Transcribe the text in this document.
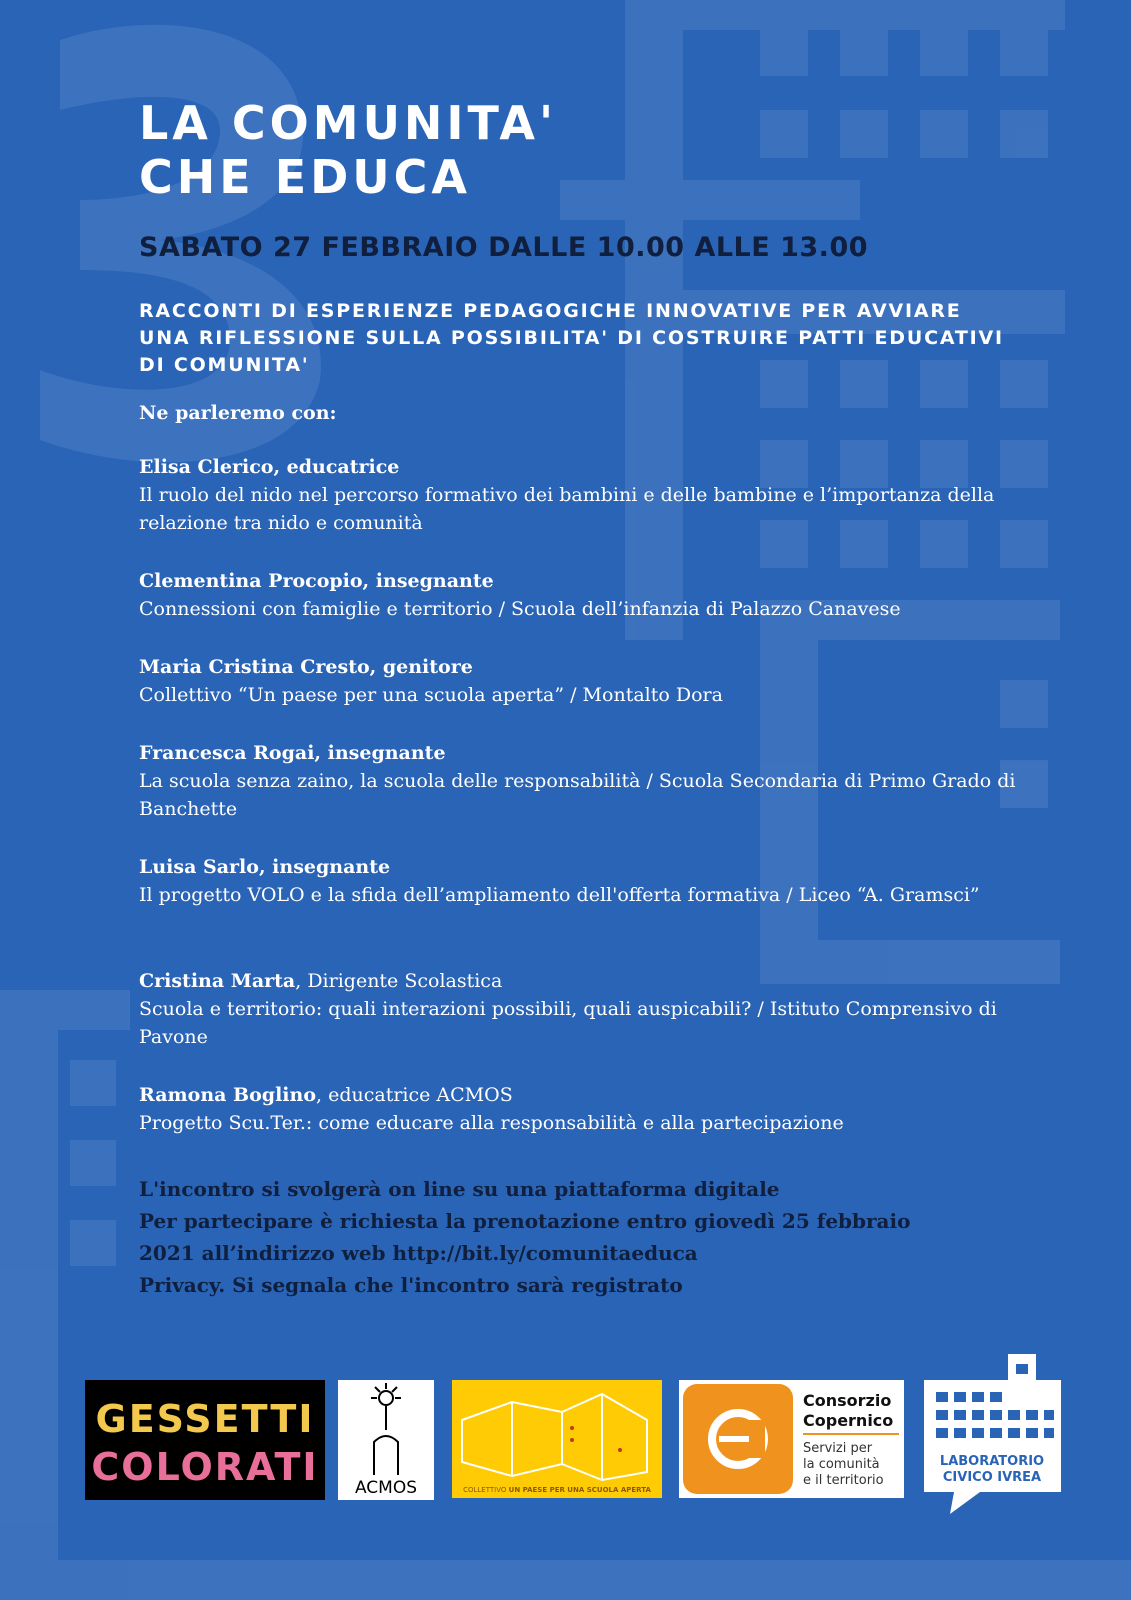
LA COMUNITA'
CHE EDUCA
SABATO 27 FEBBRAIO DALLE 10.00 ALLE 13.00
RACCONTI DI ESPERIENZE PEDAGOGICHE INNOVATIVE PER AVVIARE
UNA RIFLESSIONE SULLA POSSIBILITA' DI COSTRUIRE PATTI EDUCATIVI
DI COMUNITA'
Ne parleremo con:
Elisa Clerico, educatrice
Il ruolo del nido nel percorso formativo dei bambini e delle bambine e l’importanza della relazione tra nido e comunità
Clementina Procopio, insegnante
Connessioni con famiglie e territorio / Scuola dell’infanzia di Palazzo Canavese
Maria Cristina Cresto, genitore
Collettivo “Un paese per una scuola aperta” / Montalto Dora
Francesca Rogai, insegnante
La scuola senza zaino, la scuola delle responsabilità / Scuola Secondaria di Primo Grado di Banchette
Luisa Sarlo, insegnante
Il progetto VOLO e la sfida dell’ampliamento dell'offerta formativa / Liceo “A. Gramsci”
Cristina Marta, Dirigente Scolastica
Scuola e territorio: quali interazioni possibili, quali auspicabili? / Istituto Comprensivo di Pavone
Ramona Boglino, educatrice ACMOS
Progetto Scu.Ter.: come educare alla responsabilità e alla partecipazione
L'incontro si svolgerà on line su una piattaforma digitale
Per partecipare è richiesta la prenotazione entro giovedì 25 febbraio
2021 all’indirizzo web http://bit.ly/comunitaeduca
Privacy. Si segnala che l'incontro sarà registrato
GESSETTI
COLORATI ACMOS	COLLETTIVO UN PAESE PER UNA SCUOLA APERTA
Consorzio
Copernico
Servizi per
la comunità
e il territorio
LABORATORIO
CIVICO IVREA
